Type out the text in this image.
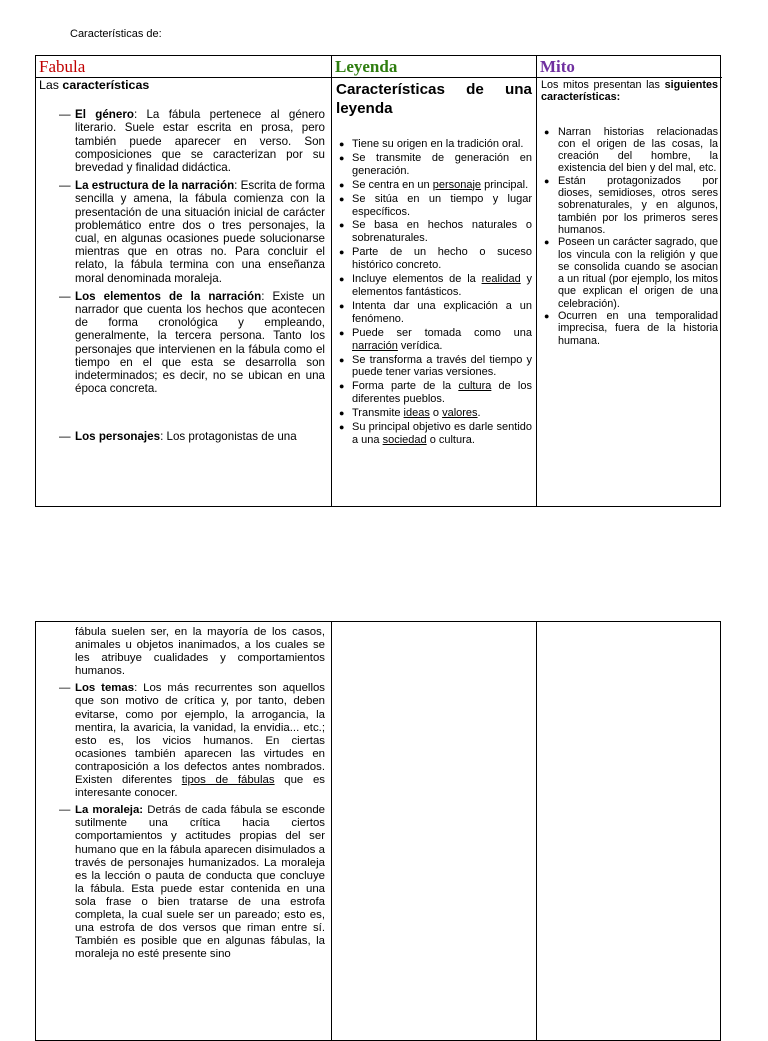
Características de:
Fabula	Leyenda	Mito

Las características

— El género: La fábula pertenece al género literario. Suele estar escrita en prosa, pero también puede aparecer en verso. Son composiciones que se caracterizan por su brevedad y finalidad didáctica.
— La estructura de la narración: Escrita de forma sencilla y amena, la fábula comienza con la presentación de una situación inicial de carácter problemático entre dos o tres personajes, la cual, en algunas ocasiones puede solucionarse mientras que en otras no. Para concluir el relato, la fábula termina con una enseñanza moral denominada moraleja.
— Los elementos de la narración: Existe un narrador que cuenta los hechos que acontecen de forma cronológica y empleando, generalmente, la tercera persona. Tanto los personajes que intervienen en la fábula como el tiempo en el que esta se desarrolla son indeterminados; es decir, no se ubican en una época concreta.
— Los personajes: Los protagonistas de una
Características de una leyenda
● Tiene su origen en la tradición oral.
● Se transmite de generación en generación.
● Se centra en un personaje principal.
● Se sitúa en un tiempo y lugar específicos.
● Se basa en hechos naturales o sobrenaturales.
● Parte de un hecho o suceso histórico concreto.
● Incluye elementos de la realidad y elementos fantásticos.
● Intenta dar una explicación a un fenómeno.
● Puede ser tomada como una narración verídica.
● Se transforma a través del tiempo y puede tener varias versiones.
● Forma parte de la cultura de los diferentes pueblos.
● Transmite ideas o valores.
● Su principal objetivo es darle sentido a una sociedad o cultura.

Los mitos presentan las siguientes características:

● Narran historias relacionadas con el origen de las cosas, la creación del hombre, la existencia del bien y del mal, etc.
● Están protagonizados por dioses, semidioses, otros seres sobrenaturales, y en algunos, también por los primeros seres humanos.
● Poseen un carácter sagrado, que los vincula con la religión y que se consolida cuando se asocian a un ritual (por ejemplo, los mitos que explican el origen de una celebración).
● Ocurren en una temporalidad imprecisa, fuera de la historia humana.

fábula suelen ser, en la mayoría de los casos, animales u objetos inanimados, a los cuales se les atribuye cualidades y comportamientos humanos.

— Los temas: Los más recurrentes son aquellos que son motivo de crítica y, por tanto, deben evitarse, como por ejemplo, la arrogancia, la mentira, la avaricia, la vanidad, la envidia... etc.; esto es, los vicios humanos. En ciertas ocasiones también aparecen las virtudes en contraposición a los defectos antes nombrados. Existen diferentes tipos de fábulas que es interesante conocer.
— La moraleja: Detrás de cada fábula se esconde sutilmente una crítica hacia ciertos comportamientos y actitudes propias del ser humano que en la fábula aparecen disimulados a través de personajes humanizados. La moraleja es la lección o pauta de conducta que concluye la fábula. Esta puede estar contenida en una sola frase o bien tratarse de una estrofa completa, la cual suele ser un pareado; esto es, una estrofa de dos versos que riman entre sí. También es posible que en algunas fábulas, la moraleja no esté presente sino
